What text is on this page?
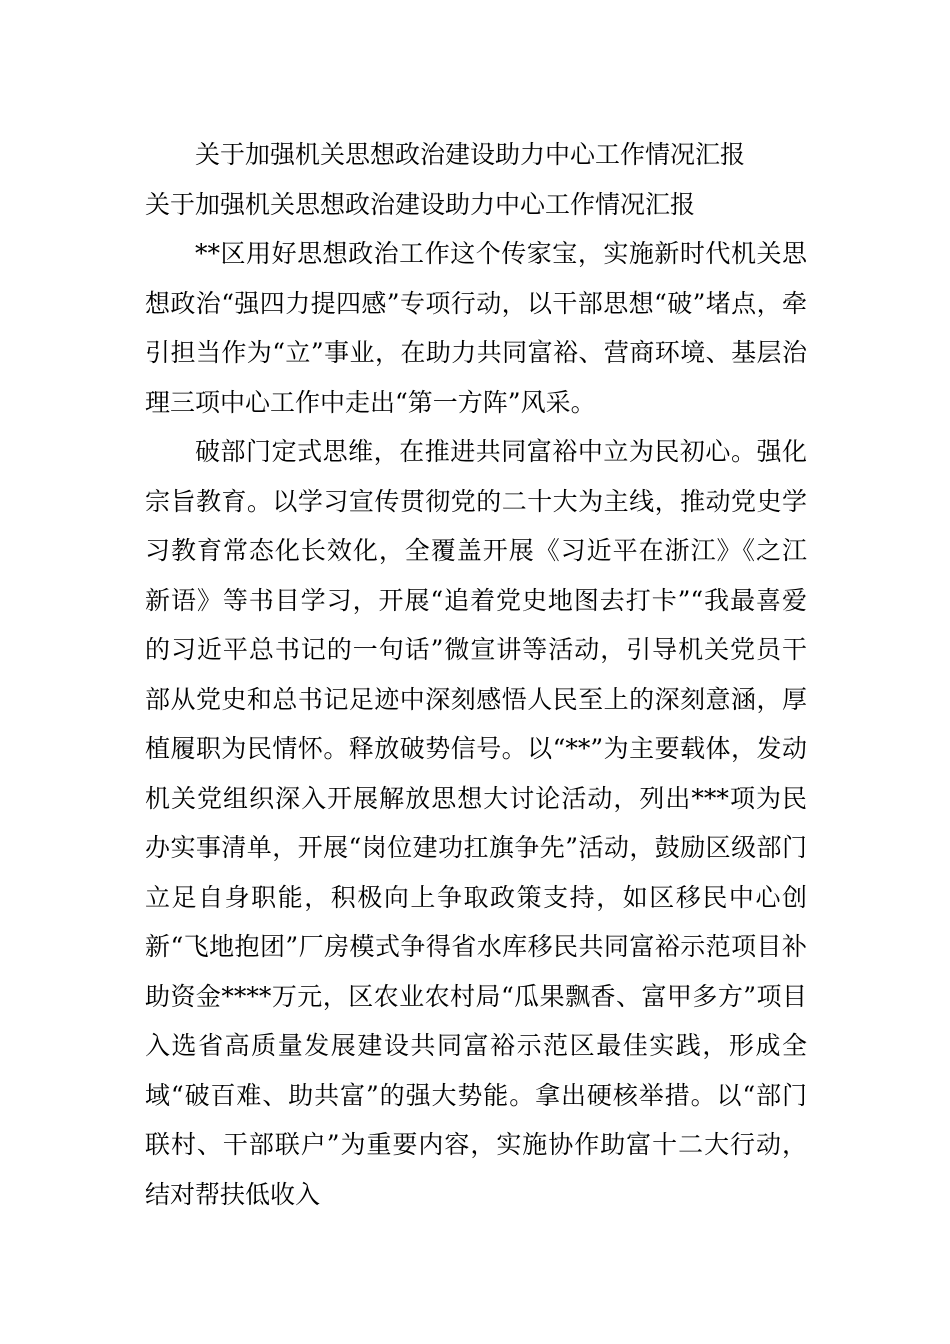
关于加强机关思想政治建设助力中心工作情况汇报
关于加强机关思想政治建设助力中心工作情况汇报

**区用好思想政治工作这个传家宝，实施新时代机关思想政治“强四力提四感”专项行动，以干部思想“破”堵点，牵引担当作为“立”事业，在助力共同富裕、营商环境、基层治理三项中心工作中走出“第一方阵”风采。

破部门定式思维，在推进共同富裕中立为民初心。强化宗旨教育。以学习宣传贯彻党的二十大为主线，推动党史学习教育常态化长效化，全覆盖开展《习近平在浙江》《之江新语》等书目学习，开展“追着党史地图去打卡”“我最喜爱的习近平总书记的一句话”微宣讲等活动，引导机关党员干部从党史和总书记足迹中深刻感悟人民至上的深刻意涵，厚植履职为民情怀。释放破势信号。以“**”为主要载体，发动机关党组织深入开展解放思想大讨论活动，列出***项为民办实事清单，开展“岗位建功扛旗争先”活动，鼓励区级部门立足自身职能，积极向上争取政策支持，如区移民中心创新“飞地抱团”厂房模式争得省水库移民共同富裕示范项目补助资金****万元，区农业农村局“瓜果飘香、富甲多方”项目入选省高质量发展建设共同富裕示范区最佳实践，形成全域“破百难、助共富”的强大势能。拿出硬核举措。以“部门联村、干部联户”为重要内容，实施协作助富十二大行动，结对帮扶低收入
